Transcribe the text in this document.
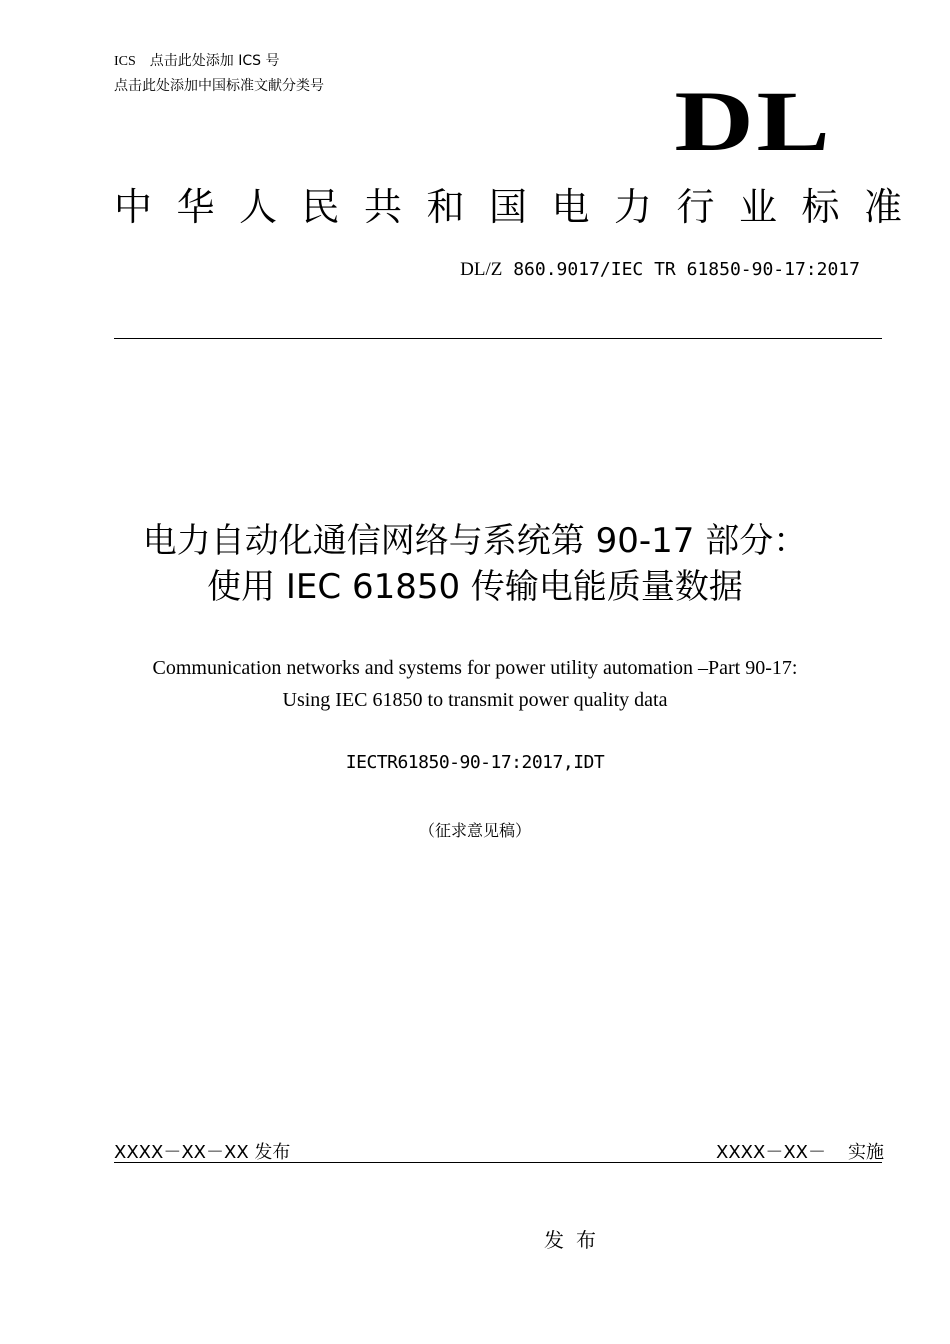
ICS 点击此处添加 ICS 号
点击此处添加中国标准文献分类号	DL
中华人民共和国电力行业标准
DL/Z 860.9017/IEC TR 61850-90-17:2017
电力自动化通信网络与系统第 90-17 部分：
使用 IEC 61850 传输电能质量数据
Communication networks and systems for power utility automation –Part 90-17:
Using IEC 61850 to transmit power quality data
IECTR61850-90-17:2017,IDT
（征求意见稿）
XXXX－XX－XX 发布	XXXX－XX－ 实施
发布
